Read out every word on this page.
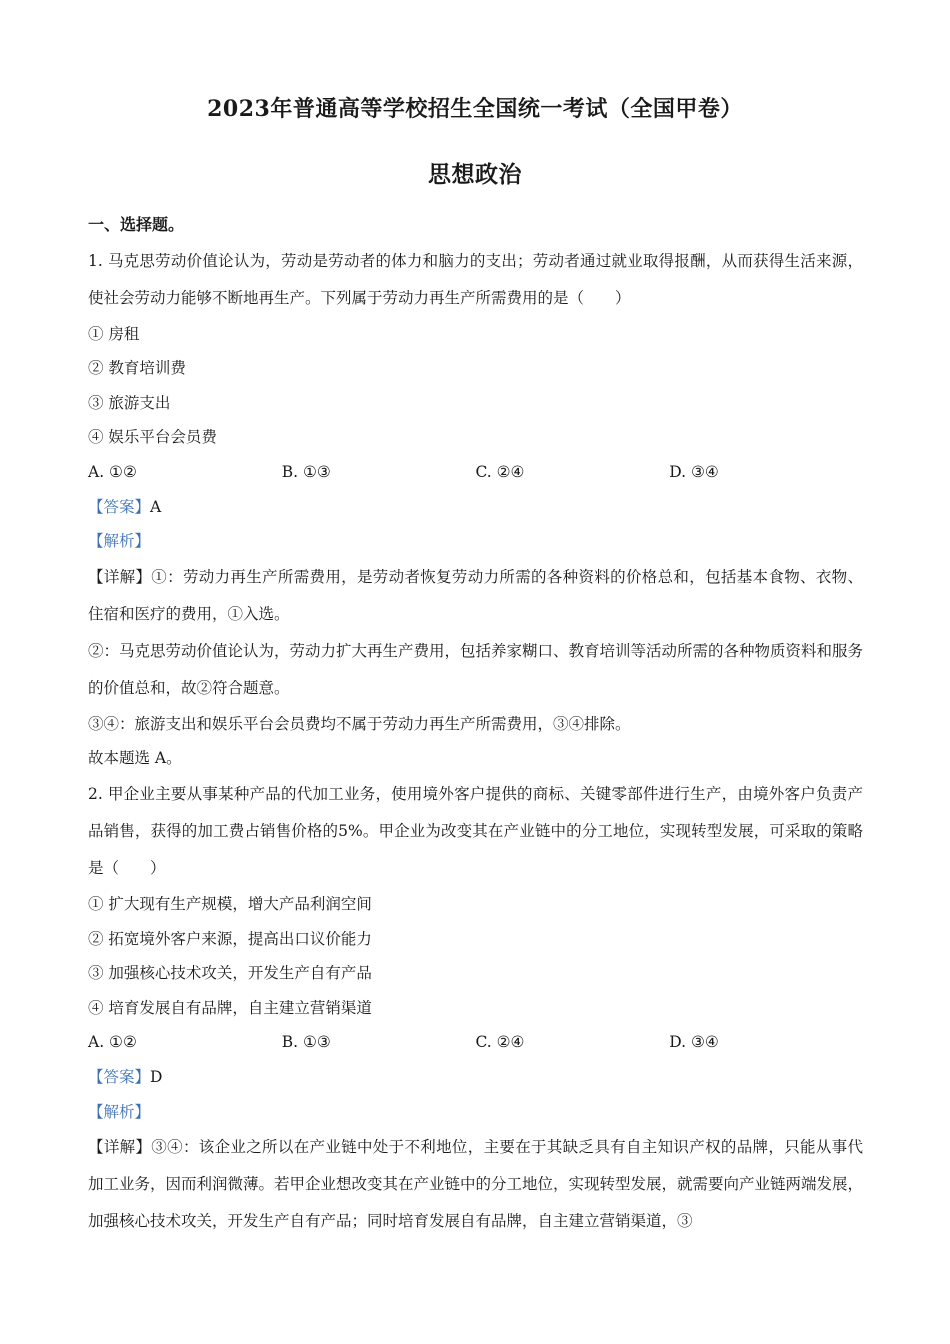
2023年普通高等学校招生全国统一考试（全国甲卷）
思想政治
一、选择题。
1. 马克思劳动价值论认为，劳动是劳动者的体力和脑力的支出；劳动者通过就业取得报酬，从而获得生活来源，使社会劳动力能够不断地再生产。下列属于劳动力再生产所需费用的是（　　）
① 房租
② 教育培训费
③ 旅游支出
④ 娱乐平台会员费
A. ①②	B. ①③	C. ②④	D. ③④
【答案】A
【解析】
【详解】①：劳动力再生产所需费用，是劳动者恢复劳动力所需的各种资料的价格总和，包括基本食物、衣物、住宿和医疗的费用，①入选。
②：马克思劳动价值论认为，劳动力扩大再生产费用，包括养家糊口、教育培训等活动所需的各种物质资料和服务的价值总和，故②符合题意。
③④：旅游支出和娱乐平台会员费均不属于劳动力再生产所需费用，③④排除。
故本题选 A。
2. 甲企业主要从事某种产品的代加工业务，使用境外客户提供的商标、关键零部件进行生产，由境外客户负责产品销售，获得的加工费占销售价格的5%。甲企业为改变其在产业链中的分工地位，实现转型发展，可采取的策略是（　　）
① 扩大现有生产规模，增大产品利润空间
② 拓宽境外客户来源，提高出口议价能力
③ 加强核心技术攻关，开发生产自有产品
④ 培育发展自有品牌，自主建立营销渠道
A. ①②	B. ①③	C. ②④	D. ③④
【答案】D
【解析】
【详解】③④：该企业之所以在产业链中处于不利地位，主要在于其缺乏具有自主知识产权的品牌，只能从事代加工业务，因而利润微薄。若甲企业想改变其在产业链中的分工地位，实现转型发展，就需要向产业链两端发展，加强核心技术攻关，开发生产自有产品；同时培育发展自有品牌，自主建立营销渠道，③
